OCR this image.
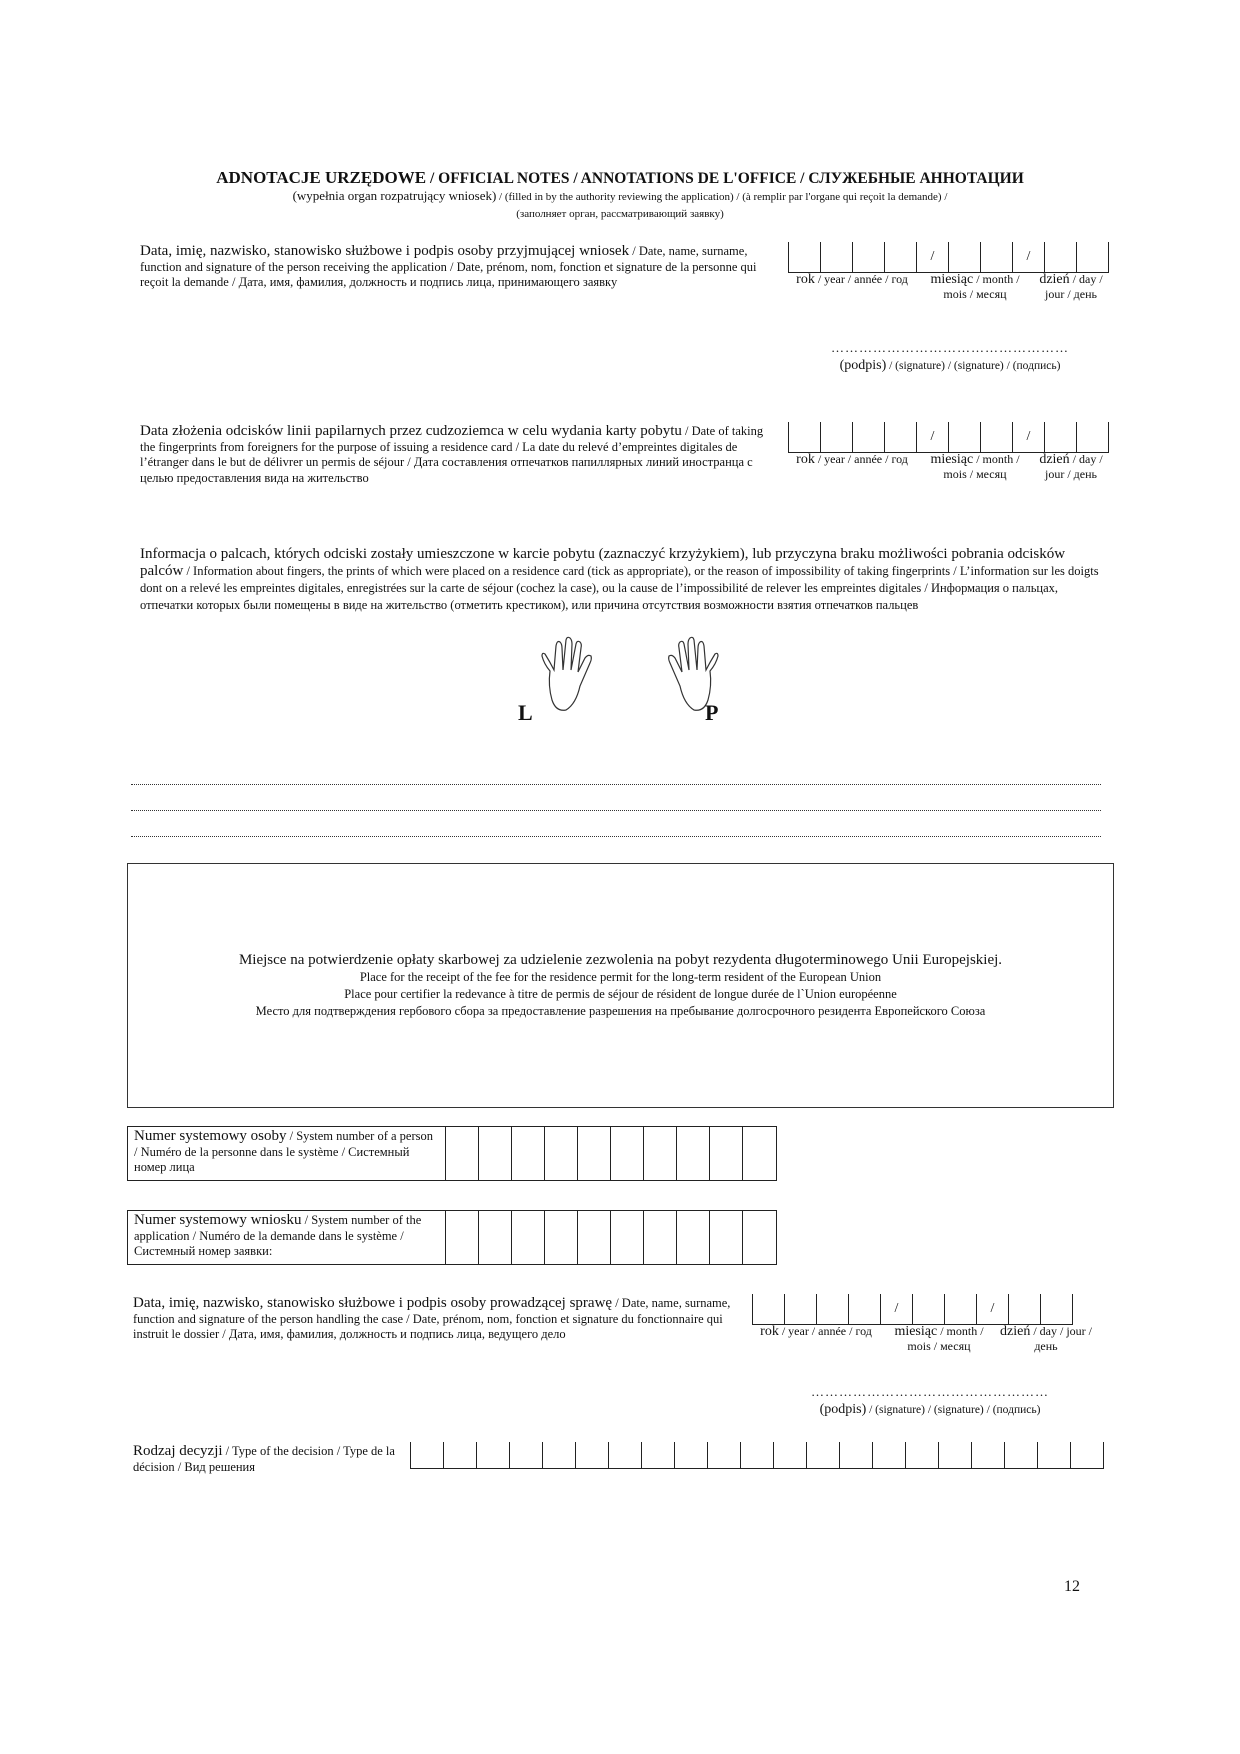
ADNOTACJE URZĘDOWE / OFFICIAL NOTES / ANNOTATIONS DE L'OFFICE / СЛУЖЕБНЫЕ АННОТАЦИИ
(wypełnia organ rozpatrujący wniosek) / (filled in by the authority reviewing the application) / (à remplir par l'organe qui reçoit la demande) /
(заполняет орган, рассматривающий заявку)
Data, imię, nazwisko, stanowisko służbowe i podpis osoby przyjmującej wniosek / Date, name, surname, function and signature of the person receiving the application / Date, prénom, nom, fonction et signature de la personne qui reçoit la demande / Дата, имя, фамилия, должность и подпись лица, принимающего заявку
/	/
rok / year / année / год	miesiąc / month / mois / месяц
dzień / day / jour / день
……………………………………………
(podpis) / (signature) / (signature) / (подпись)
Data złożenia odcisków linii papilarnych przez cudzoziemca w celu wydania karty pobytu / Date of taking the fingerprints from foreigners for the purpose of issuing a residence card / La date du relevé d’empreintes digitales de l’étranger dans le but de délivrer un permis de séjour / Дата составления отпечатков папиллярных линий иностранца с целью предоставления вида на жительство
/	/
rok / year / année / год	miesiąc / month / mois / месяц
dzień / day / jour / день
Informacja o palcach, których odciski zostały umieszczone w karcie pobytu (zaznaczyć krzyżykiem), lub przyczyna braku możliwości pobrania odcisków palców / Information about fingers, the prints of which were placed on a residence card (tick as appropriate), or the reason of impossibility of taking fingerprints / L’information sur les doigts dont on a relevé les empreintes digitales, enregistrées sur la carte de séjour (cochez la case), ou la cause de l’impossibilité de relever les empreintes digitales / Информация о пальцах, отпечатки которых были помещены в виде на жительство (отметить крестиком), или причина отсутствия возможности взятия отпечатков пальцев
L	P
Miejsce na potwierdzenie opłaty skarbowej za udzielenie zezwolenia na pobyt rezydenta długoterminowego Unii Europejskiej.
Place for the receipt of the fee for the residence permit for the long-term resident of the European Union
Place pour certifier la redevance à titre de permis de séjour de résident de longue durée de l`Union européenne
Место для подтверждения гербового сбора за предоставление разрешения на пребывание долгосрочного резидента Европейского Союза
Numer systemowy osoby / System number of a person / Numéro de la personne dans le système / Системный номер лица
Numer systemowy wniosku / System number of the application / Numéro de la demande dans le système / Системный номер заявки:
Data, imię, nazwisko, stanowisko służbowe i podpis osoby prowadzącej sprawę / Date, name, surname, function and signature of the person handling the case / Date, prénom, nom, fonction et signature du fonctionnaire qui instruit le dossier / Дата, имя, фамилия, должность и подпись лица, ведущего дело
/	/
rok / year / année / год	miesiąc / month / mois / месяц
dzień / day / jour / день
……………………………………………
(podpis) / (signature) / (signature) / (подпись)
Rodzaj decyzji / Type of the decision / Type de la décision / Вид решения
12
